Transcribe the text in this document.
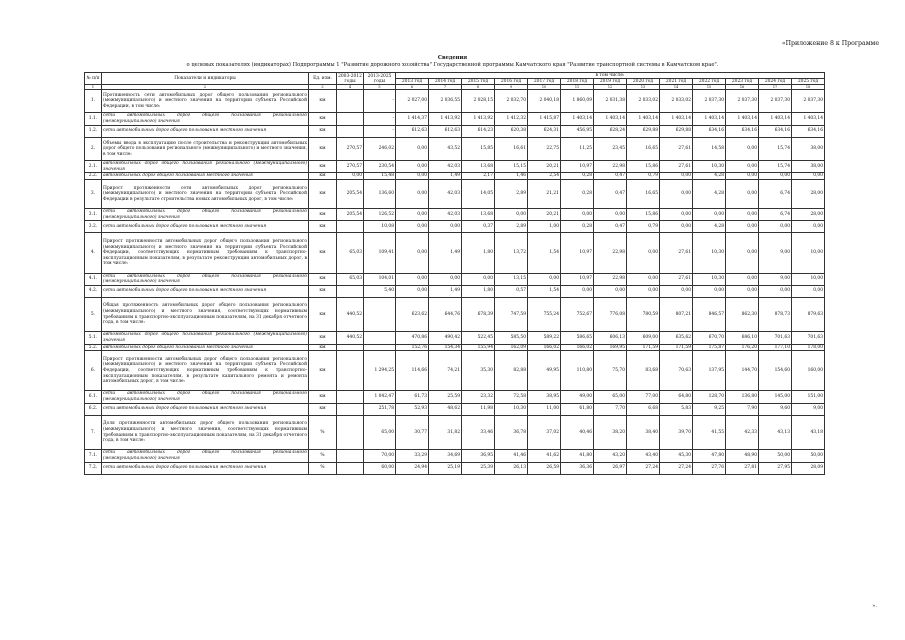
«Приложение 8 к Программе
Сведения
о целевых показателях (индикаторах) Подпрограммы 1 "Развитие дорожного хозяйства" Государственной программы Камчатского края "Развитие транспортной системы в Камчатском крае".
№ п/п	Показатели и индикаторы	Ед. изм.	2003-2012 годы	2013-2025 годы	в том числе:												
					2013 год	2014 год	2015 год	2016 год	2017 год	2018 год	2019 год	2020 год	2021 год	2022 год	2023 год	2024 год	2025 год
1	2	3	4	5	6	7	8	9	10	11	12	13	14	15	16	17	18
1.	Протяженность сети автомобильных дорог общего пользования регионального (межмуниципального) и местного значения на территории субъекта Российской Федерации, в том числе:	км		-	2 027,00	2 036,55	2 028,15	2 032,70	2 040,18	1 860,09	2 031,38	2 033,02	2 033,02	2 037,30	2 037,30	2 037,30	2 037,30
1.1.	сети автомобильных дорог общего пользования регионального (межмуниципального) значения	км		-	1 414,37	1 413,92	1 413,92	1 412,32	1 415,87	1 403,14	1 403,14	1 403,14	1 403,14	1 403,14	1 403,14	1 403,14	1 403,14
1.2.	сети автомобильных дорог общего пользования местного значения	км		-	612,63	612,63	614,23	620,38	624,31	456,95	628,24	629,88	629,88	634,16	634,16	634,16	634,16
2.	Объемы ввода в эксплуатацию после строительства и реконструкции автомобильных дорог общего пользования регионального (межмуниципального) и местного значения, в том числе:	км	270,57	246,02	0,00	43,52	15,85	16,61	22,75	11,25	23,45	16,65	27,61	14,58	0,00	15,74	38,00
2.1.	автомобильных дорог общего пользования регионального (межмуниципального) значения	км	270,57	230,54	0,00	42,03	13,68	15,15	20,21	10,97	22,98	15,86	27,61	10,30	0,00	15,74	38,00
2.2.	автомобильных дорог общего пользования местного значения	км	0,00	15,48	0,00	1,49	2,17	1,46	2,54	0,28	0,47	0,79	0,00	4,28	0,00	0,00	0,00
3.	Прирост протяженности сети автомобильных дорог регионального (межмуниципального) и местного значения на территории субъекта Российской Федерации в результате строительства новых автомобильных дорог, в том числе:	км	205,54	136,60	0,00	42,03	14,05	2,89	21,21	0,28	0,47	16,65	0,00	4,28	0,00	6,74	28,00
3.1.	сети автомобильных дорог общего пользования регионального (межмуниципального) значения	км	205,54	126,52	0,00	42,03	13,68	0,00	20,21	0,00	0,00	15,86	0,00	0,00	0,00	6,74	28,00
3.2.	сети автомобильных дорог общего пользования местного значения	км		10,08	0,00	0,00	0,37	2,89	1,00	0,28	0,47	0,79	0,00	4,28	0,00	0,00	0,00
4.	Прирост протяженности автомобильных дорог общего пользования регионального (межмуниципального) и местного значения на территории субъекта Российской Федерации, соответствующих нормативным требованиям к транспортно-эксплуатационным показателям, в результате реконструкции автомобильных дорог, в том числе:	км	65,03	109,41	0,00	1,49	1,80	13,72	1,54	10,97	22,98	0,00	27,61	10,30	0,00	9,00	10,00
4.1.	сети автомобильных дорог общего пользования регионального (межмуниципального) значения	км	65,03	104,01	0,00	0,00	0,00	13,15	0,00	10,97	22,98	0,00	27,61	10,30	0,00	9,00	10,00
4.2.	сети автомобильных дорог общего пользования местного значения	км		5,40	0,00	1,49	1,80	0,57	1,54	0,00	0,00	0,00	0,00	0,00	0,00	0,00	0,00
5.	Общая протяженность автомобильных дорог общего пользования регионального (межмуниципального) и местного значения, соответствующих нормативным требованиям к транспортно-эксплуатационным показателям, на 31 декабря отчетного года, в том числе:	км	440,52		623,62	644,76	678,39	747,59	755,24	752,67	776,08	780,59	807,21	846,57	862,30	878,73	879,63
5.1.	автомобильных дорог общего пользования регионального (межмуниципального) значения	км	440,52		470,86	490,42	522,45	585,50	589,22	586,65	606,13	609,00	635,62	670,70	686,10	701,63	701,63
5.2.	автомобильных дорог общего пользования местного значения	км			152,76	154,34	155,94	162,09	166,02	166,02	169,95	171,59	171,59	175,87	176,20	177,10	178,00
6.	Прирост протяженности автомобильных дорог общего пользования регионального (межмуниципального) и местного значения на территории субъекта Российской Федерации, соответствующих нормативным требованиям к транспортно-эксплуатационным показателям, в результате капитального ремонта и ремонта автомобильных дорог, в том числе:	км		1 294,25	114,66	74,21	35,30	82,88	49,95	110,80	75,70	83,68	70,63	137,95	144,70	154,60	160,00
6.1.	сети автомобильных дорог общего пользования регионального (межмуниципального) значения	км		1 042,47	61,73	25,59	23,32	72,58	38,95	49,00	65,00	77,00	64,80	128,70	136,80	145,00	151,00
6.2.	сети автомобильных дорог общего пользования местного значения	км		251,78	52,93	48,62	11,98	10,30	11,00	61,80	7,70	6,68	5,83	9,25	7,90	9,60	9,00
7.	Доля протяженности автомобильных дорог общего пользования регионального (межмуниципального) и местного значения, соответствующих нормативным требованиям к транспортно-эксплуатационным показателям, на 31 декабря отчетного года, в том числе:	%		65,00	30,77	31,82	33,46	36,78	37,02	40,46	38,20	38,40	39,70	41,55	42,33	43,13	43,18
7.1.	сети автомобильных дорог общего пользования регионального (межмуниципального) значения	%		70,00	33,29	34,69	36,95	41,46	41,62	41,80	43,20	43,40	45,30	47,80	48,90	50,00	50,00
7.2.	сети автомобильных дорог общего пользования местного значения	%		60,00	24,94	25,19	25,39	26,13	26,59	36,36	26,97	27,24	27,24	27,76	27,81	27,95	28,09
».
